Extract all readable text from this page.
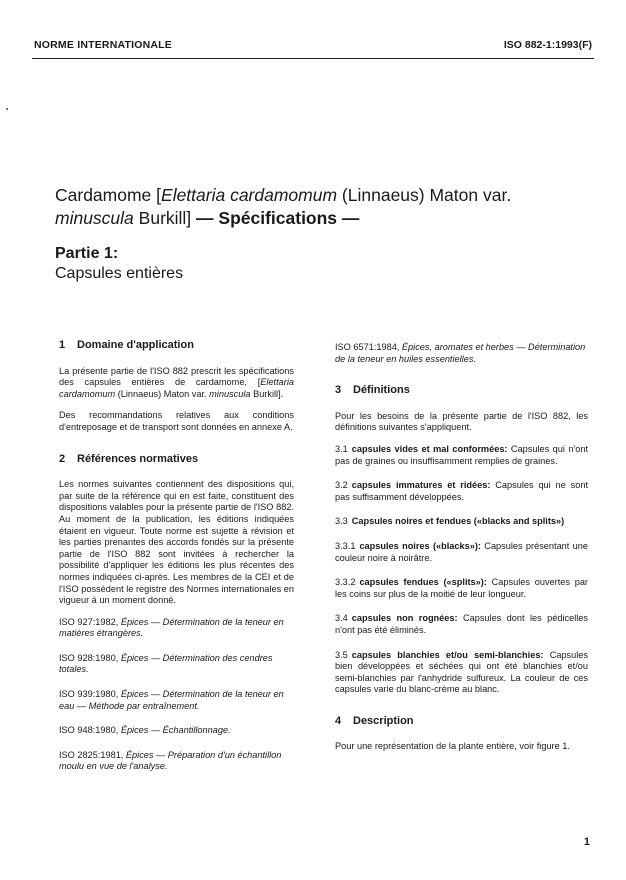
NORME INTERNATIONALE	ISO 882-1:1993(F)
Cardamome [Elettaria cardamomum (Linnaeus) Maton var.
minuscula Burkill] — Spécifications —
Partie 1:
Capsules entières
1 Domaine d'application

La présente partie de l'ISO 882 prescrit les spécifications des capsules entières de cardamome, [Elettaria cardamomum (Linnaeus) Maton var. minuscula Burkill].

Des recommandations relatives aux conditions d'entreposage et de transport sont données en annexe A.

2 Références normatives

Les normes suivantes contiennent des dispositions qui, par suite de la référence qui en est faite, constituent des dispositions valables pour la présente partie de l'ISO 882. Au moment de la publication, les éditions indiquées étaient en vigueur. Toute norme est sujette à révision et les parties prenantes des accords fondés sur la présente partie de l'ISO 882 sont invitées à rechercher la possibilité d'appliquer les éditions les plus récentes des normes indiquées ci-après. Les membres de la CEI et de l'ISO possèdent le registre des Normes internationales en vigueur à un moment donné.

ISO 927:1982, Épices — Détermination de la teneur en matières étrangères.

ISO 928:1980, Épices — Détermination des cendres totales.

ISO 939:1980, Épices — Détermination de la teneur en eau — Méthode par entraînement.

ISO 948:1980, Épices — Échantillonnage.

ISO 2825:1981, Épices — Préparation d'un échantillon moulu en vue de l'analyse.

ISO 6571:1984, Épices, aromates et herbes — Détermination de la teneur en huiles essentielles.

3 Définitions

Pour les besoins de la présente partie de l'ISO 882, les définitions suivantes s'appliquent.

3.1 capsules vides et mal conformées: Capsules qui n'ont pas de graines ou insuffisamment remplies de graines.

3.2 capsules immatures et ridées: Capsules qui ne sont pas suffisamment développées.

3.3 Capsules noires et fendues («blacks and splits»)

3.3.1 capsules noires («blacks»): Capsules présentant une couleur noire à noirâtre.

3.3.2 capsules fendues («splits»): Capsules ouvertes par les coins sur plus de la moitié de leur longueur.

3.4 capsules non rognées: Capsules dont les pédicelles n'ont pas été éliminés.

3.5 capsules blanchies et/ou semi-blanchies: Capsules bien développées et séchées qui ont été blanchies et/ou semi-blanchies par l'anhydride sulfureux. La couleur de ces capsules varie du blanc-crème au blanc.

4 Description

Pour une représentation de la plante entière, voir figure 1.

1
